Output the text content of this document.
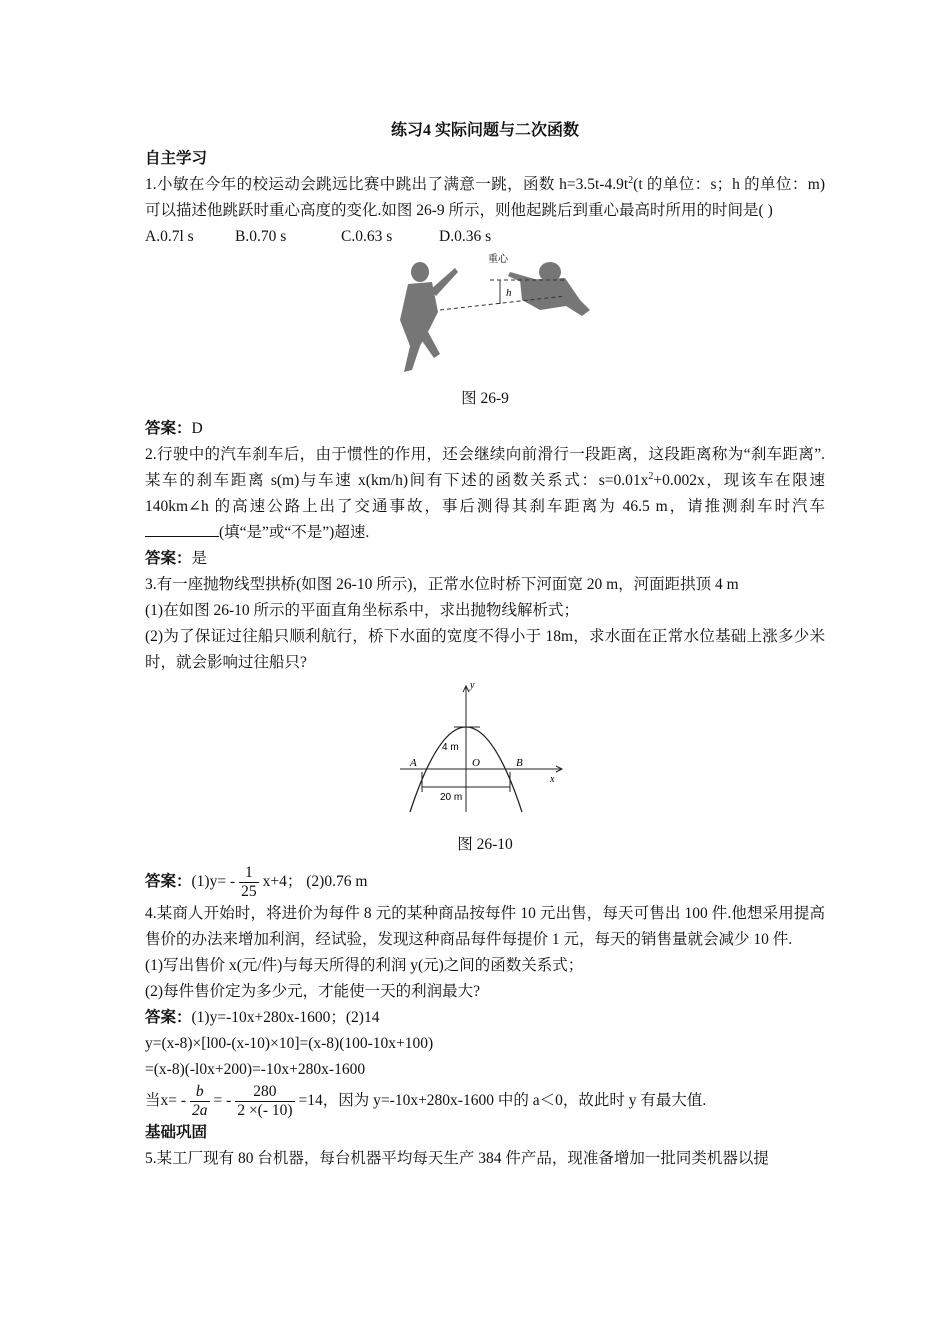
练习4 实际问题与二次函数

自主学习

1.小敏在今年的校运动会跳远比赛中跳出了满意一跳，函数 $h=3.5t-4.9t^2(t$ 的单位：s；h 的单位：m)可以描述他跳跃时重心高度的变化.如图 26-9 所示，则他起跳后到重心最高时所用的时间是( )

A.0.7l s	B.0.70 s	C.0.63 s	D.0.36 s
h
重心

图 26-9

答案：D

2.行驶中的汽车刹车后，由于惯性的作用，还会继续向前滑行一段距离，这段距离称为“刹车距离”.某车的刹车距离 s(m)与车速 x(km/h)间有下述的函数关系式：$s=0.01x^2+0.002x$，现该车在限速 140km∠h 的高速公路上出了交通事故，事后测得其刹车距离为 46.5 m，请推测刹车时汽车(填“是”或“不是”)超速.

答案：是

3.有一座抛物线型拱桥(如图 26-10 所示)，正常水位时桥下河面宽 20 m，河面距拱顶 4 m

(1)在如图 26-10 所示的平面直角坐标系中，求出抛物线解析式；

(2)为了保证过往船只顺利航行，桥下水面的宽度不得小于 18m，求水面在正常水位基础上涨多少米时，就会影响过往船只?

y
x
A	B
O
4 m
20 m

图 26-10

答案：$(1)y= - \frac{1}{25} x+4$； (2)0.76 m

4.某商人开始时，将进价为每件 8 元的某种商品按每件 10 元出售，每天可售出 100 件.他想采用提高售价的办法来增加利润，经试验，发现这种商品每件每提价 1 元，每天的销售量就会减少 10 件.

(1)写出售价 x(元/件)与每天所得的利润 y(元)之间的函数关系式；

(2)每件售价定为多少元，才能使一天的利润最大?

答案：(1)y=-10x+280x-1600；(2)14

y=(x-8)×[l00-(x-10)×10]=(x-8)(100-10x+100)

=(x-8)(-l0x+200)=-10x+280x-1600

当$x= - \frac{b}{2a}$ = - $\frac{280}{2 \times(- 10)} =14$，因为 y=-10x+280x-1600 中的 a＜0，故此时 y 有最大值.

基础巩固

5.某工厂现有 80 台机器，每台机器平均每天生产 384 件产品，现准备增加一批同类机器以提
